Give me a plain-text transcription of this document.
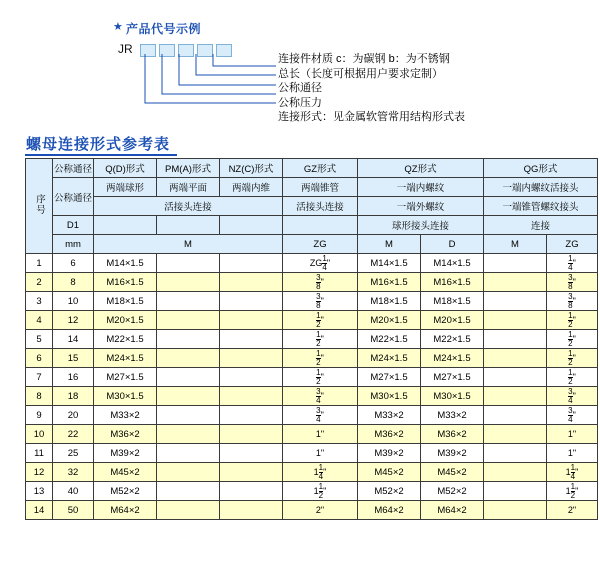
★ 产品代号示例
JR
连接件材质 c：为碳钢 b：为不锈钢
总长（长度可根据用户要求定制）
公称通径
公称压力
连接形式：见金属软管常用结构形式表
螺母连接形式参考表
序号	公称通径	Q(D)形式	PM(A)形式	NZ(C)形式	GZ形式	QZ形式		QG形式	
	公称通径	两端球形	两端平面	两端内维	两端锥管	一端内螺纹		一端内螺纹活接头	
		活接头连接			活接头连接	一端外螺纹		一端锥管螺纹接头	
	D1					球形接头连接		连接	
	mm	M			ZG	M	D	M	ZG
1	6	M14×1.5			ZG $\frac{1}{4}$ "	M14×1.5	M14×1.5		$\frac{1}{4}$ "
2	8	M16×1.5			$\frac{3}{8}$ "	M16×1.5	M16×1.5		$\frac{3}{8}$ "
3	10	M18×1.5			$\frac{3}{8}$ "	M18×1.5	M18×1.5		$\frac{3}{8}$ "
4	12	M20×1.5			$\frac{1}{2}$ "	M20×1.5	M20×1.5		$\frac{1}{2}$ "
5	14	M22×1.5			$\frac{1}{2}$ "	M22×1.5	M22×1.5		$\frac{1}{2}$ "
6	15	M24×1.5			$\frac{1}{2}$ "	M24×1.5	M24×1.5		$\frac{1}{2}$ "
7	16	M27×1.5			$\frac{1}{2}$ "	M27×1.5	M27×1.5		$\frac{1}{2}$ "
8	18	M30×1.5			$\frac{3}{4}$ "	M30×1.5	M30×1.5		$\frac{3}{4}$ "
9	20	M33×2			$\frac{3}{4}$ "	M33×2	M33×2		$\frac{3}{4}$ "
10	22	M36×2			1"	M36×2	M36×2		1"
11	25	M39×2			1"	M39×2	M39×2		1"
12	32	M45×2			$1 \frac{1}{4}$ "	M45×2	M45×2		$1 \frac{1}{4}$ "
13	40	M52×2			$1 \frac{1}{2}$ "	M52×2	M52×2		$1 \frac{1}{2}$ "
14	50	M64×2			2"	M64×2	M64×2		2"
